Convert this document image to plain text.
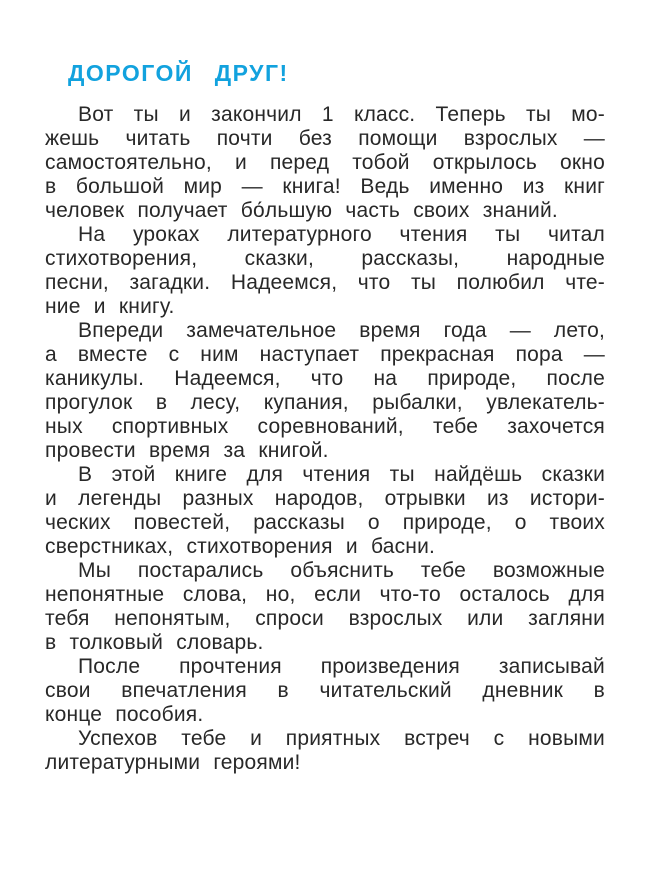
ДОРОГОЙ ДРУГ!
Вот ты и закончил 1 класс. Теперь ты мо-
жешь читать почти без помощи взрослых —
самостоятельно, и перед тобой открылось окно
в большой мир — книга! Ведь именно из книг
человек получает бо́льшую часть своих знаний.
На уроках литературного чтения ты читал
стихотворения, сказки, рассказы, народные
песни, загадки. Надеемся, что ты полюбил чте-
ние и книгу.
Впереди замечательное время года — лето,
а вместе с ним наступает прекрасная пора —
каникулы. Надеемся, что на природе, после
прогулок в лесу, купания, рыбалки, увлекатель-
ных спортивных соревнований, тебе захочется
провести время за книгой.
В этой книге для чтения ты найдёшь сказки
и легенды разных народов, отрывки из истори-
ческих повестей, рассказы о природе, о твоих
сверстниках, стихотворения и басни.
Мы постарались объяснить тебе возможные
непонятные слова, но, если что-то осталось для
тебя непонятым, спроси взрослых или загляни
в толковый словарь.
После прочтения произведения записывай
свои впечатления в читательский дневник в
конце пособия.
Успехов тебе и приятных встреч с новыми
литературными героями!
